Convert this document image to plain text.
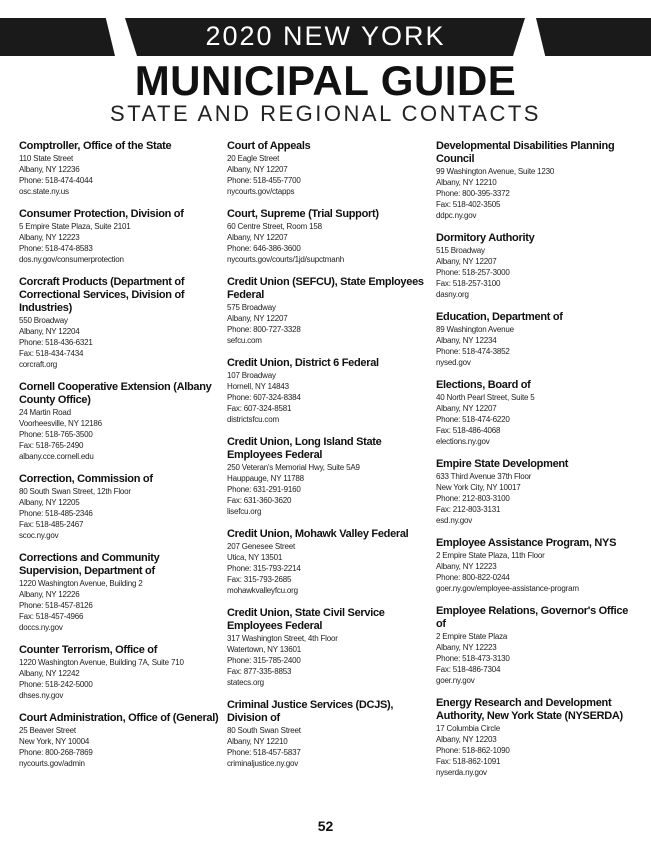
2020 NEW YORK
MUNICIPAL GUIDE
STATE AND REGIONAL CONTACTS
Comptroller, Office of the State
110 State Street
Albany, NY 12236
Phone: 518-474-4044
osc.state.ny.us
Consumer Protection, Division of
5 Empire State Plaza, Suite 2101
Albany, NY 12223
Phone: 518-474-8583
dos.ny.gov/consumerprotection
Corcraft Products (Department of Correctional Services, Division of Industries)
550 Broadway
Albany, NY 12204
Phone: 518-436-6321
Fax: 518-434-7434
corcraft.org
Cornell Cooperative Extension (Albany County Office)
24 Martin Road
Voorheesville, NY 12186
Phone: 518-765-3500
Fax: 518-765-2490
albany.cce.cornell.edu
Correction, Commission of
80 South Swan Street, 12th Floor
Albany, NY 12205
Phone: 518-485-2346
Fax: 518-485-2467
scoc.ny.gov
Corrections and Community Supervision, Department of
1220 Washington Avenue, Building 2
Albany, NY 12226
Phone: 518-457-8126
Fax: 518-457-4966
doccs.ny.gov
Counter Terrorism, Office of
1220 Washington Avenue, Building 7A, Suite 710
Albany, NY 12242
Phone: 518-242-5000
dhses.ny.gov
Court Administration, Office of (General)
25 Beaver Street
New York, NY 10004
Phone: 800-268-7869
nycourts.gov/admin
Court of Appeals
20 Eagle Street
Albany, NY 12207
Phone: 518-455-7700
nycourts.gov/ctapps
Court, Supreme (Trial Support)
60 Centre Street, Room 158
Albany, NY 12207
Phone: 646-386-3600
nycourts.gov/courts/1jd/supctmanh
Credit Union (SEFCU), State Employees Federal
575 Broadway
Albany, NY 12207
Phone: 800-727-3328
sefcu.com
Credit Union, District 6 Federal
107 Broadway
Hornell, NY 14843
Phone: 607-324-8384
Fax: 607-324-8581
districtsfcu.com
Credit Union, Long Island State Employees Federal
250 Veteran's Memorial Hwy, Suite 5A9
Hauppauge, NY 11788
Phone: 631-291-9160
Fax: 631-360-3620
lisefcu.org
Credit Union, Mohawk Valley Federal
207 Genesee Street
Utica, NY 13501
Phone: 315-793-2214
Fax: 315-793-2685
mohawkvalleyfcu.org
Credit Union, State Civil Service Employees Federal
317 Washington Street, 4th Floor
Watertown, NY 13601
Phone: 315-785-2400
Fax: 877-335-8853
statecs.org
Criminal Justice Services (DCJS), Division of
80 South Swan Street
Albany, NY 12210
Phone: 518-457-5837
criminaljustice.ny.gov
Developmental Disabilities Planning Council
99 Washington Avenue, Suite 1230
Albany, NY 12210
Phone: 800-395-3372
Fax: 518-402-3505
ddpc.ny.gov
Dormitory Authority
515 Broadway
Albany, NY 12207
Phone: 518-257-3000
Fax: 518-257-3100
dasny.org
Education, Department of
89 Washington Avenue
Albany, NY 12234
Phone: 518-474-3852
nysed.gov
Elections, Board of
40 North Pearl Street, Suite 5
Albany, NY 12207
Phone: 518-474-6220
Fax: 518-486-4068
elections.ny.gov
Empire State Development
633 Third Avenue 37th Floor
New York City, NY 10017
Phone: 212-803-3100
Fax: 212-803-3131
esd.ny.gov
Employee Assistance Program, NYS
2 Empire State Plaza, 11th Floor
Albany, NY 12223
Phone: 800-822-0244
goer.ny.gov/employee-assistance-program
Employee Relations, Governor's Office of
2 Empire State Plaza
Albany, NY 12223
Phone: 518-473-3130
Fax: 518-486-7304
goer.ny.gov
Energy Research and Development Authority, New York State (NYSERDA)
17 Columbia Circle
Albany, NY 12203
Phone: 518-862-1090
Fax: 518-862-1091
nyserda.ny.gov
52
